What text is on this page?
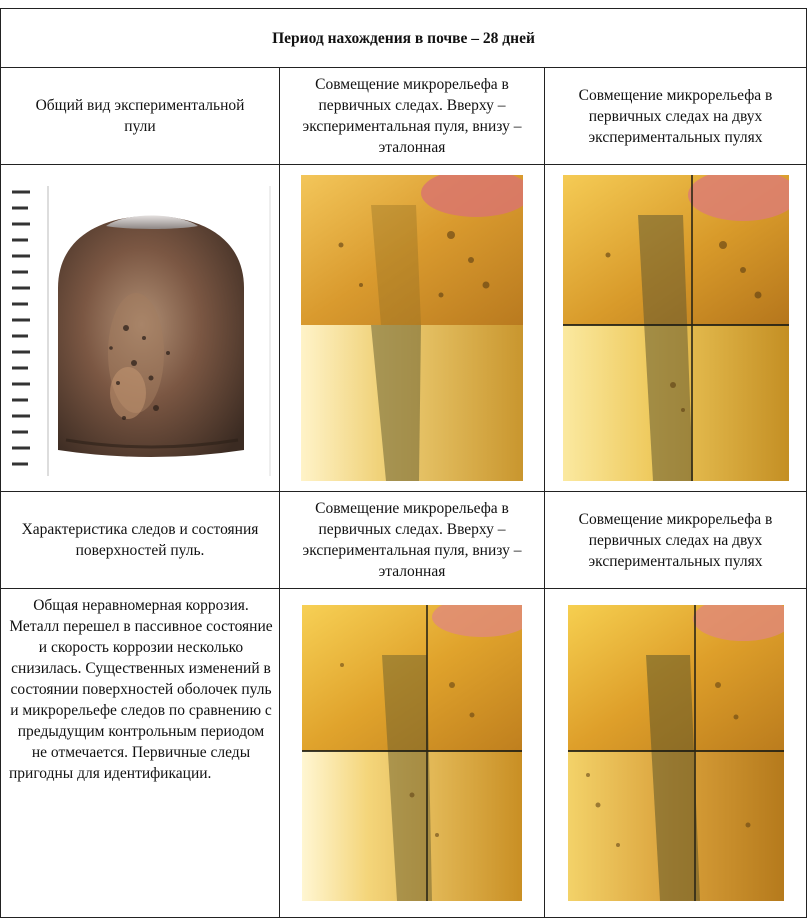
Период нахождения в почве – 28 дней		
Общий вид экспериментальной пули	Совмещение микрорельефа в первичных следах. Вверху – экспериментальная пуля, внизу – эталонная	Совмещение микрорельефа в первичных следах на двух экспериментальных пулях

Характеристика следов и состояния поверхностей пуль.	Совмещение микрорельефа в первичных следах. Вверху – экспериментальная пуля, внизу – эталонная	Совмещение микрорельефа в первичных следах на двух экспериментальных пулях
Общая неравномерная коррозия. Металл перешел в пассивное состояние и скорость коррозии несколько снизилась. Существенных изменений в состоянии поверхностей оболочек пуль и микрорельефе следов по сравнению с предыдущим контрольным периодом не отмечается. Первичные следы пригодны для идентификации.	
